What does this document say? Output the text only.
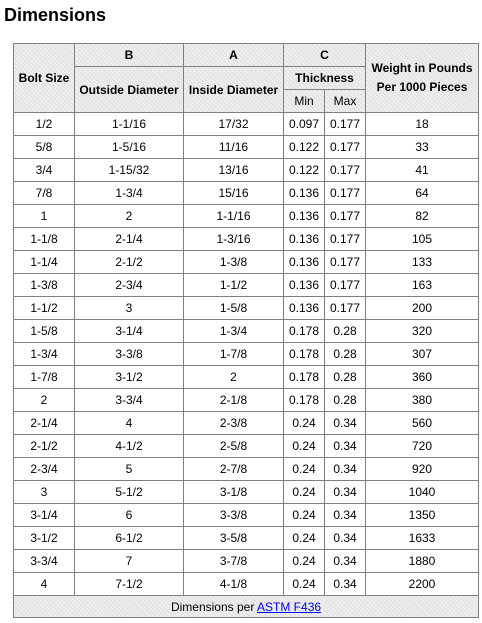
Dimensions
Bolt Size	B	A	C		Weight in Pounds Per 1000 Pieces
	Outside Diameter	Inside Diameter	Thickness		
			Min	Max	
1/2	1-1/16	17/32	0.097	0.177	18
5/8	1-5/16	11/16	0.122	0.177	33
3/4	1-15/32	13/16	0.122	0.177	41
7/8	1-3/4	15/16	0.136	0.177	64
1	2	1-1/16	0.136	0.177	82
1-1/8	2-1/4	1-3/16	0.136	0.177	105
1-1/4	2-1/2	1-3/8	0.136	0.177	133
1-3/8	2-3/4	1-1/2	0.136	0.177	163
1-1/2	3	1-5/8	0.136	0.177	200
1-5/8	3-1/4	1-3/4	0.178	0.28	320
1-3/4	3-3/8	1-7/8	0.178	0.28	307
1-7/8	3-1/2	2	0.178	0.28	360
2	3-3/4	2-1/8	0.178	0.28	380
2-1/4	4	2-3/8	0.24	0.34	560
2-1/2	4-1/2	2-5/8	0.24	0.34	720
2-3/4	5	2-7/8	0.24	0.34	920
3	5-1/2	3-1/8	0.24	0.34	1040
3-1/4	6	3-3/8	0.24	0.34	1350
3-1/2	6-1/2	3-5/8	0.24	0.34	1633
3-3/4	7	3-7/8	0.24	0.34	1880
4	7-1/2	4-1/8	0.24	0.34	2200
Dimensions per ASTM F436					
